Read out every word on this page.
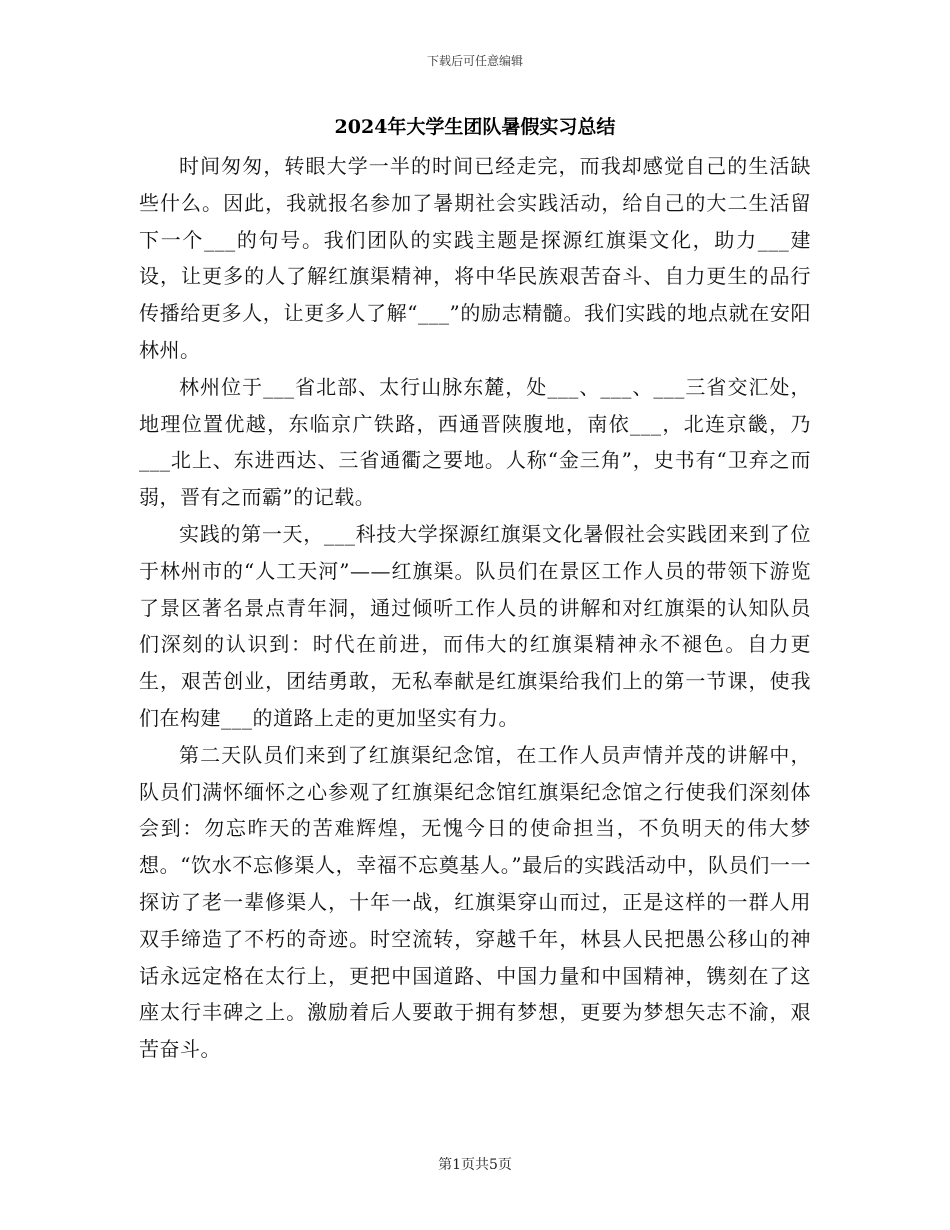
下载后可任意编辑
2024年大学生团队暑假实习总结

时间匆匆，转眼大学一半的时间已经走完，而我却感觉自己的生活缺些什么。因此，我就报名参加了暑期社会实践活动，给自己的大二生活留下一个___的句号。我们团队的实践主题是探源红旗渠文化，助力___建设，让更多的人了解红旗渠精神，将中华民族艰苦奋斗、自力更生的品行传播给更多人，让更多人了解“___”的励志精髓。我们实践的地点就在安阳林州。

林州位于___省北部、太行山脉东麓，处___、___、___三省交汇处，地理位置优越，东临京广铁路，西通晋陕腹地，南依___，北连京畿，乃___北上、东进西达、三省通衢之要地。人称“金三角”，史书有“卫弃之而弱，晋有之而霸”的记载。

实践的第一天，___科技大学探源红旗渠文化暑假社会实践团来到了位于林州市的“人工天河”——红旗渠。队员们在景区工作人员的带领下游览了景区著名景点青年洞，通过倾听工作人员的讲解和对红旗渠的认知队员们深刻的认识到：时代在前进，而伟大的红旗渠精神永不褪色。自力更生，艰苦创业，团结勇敢，无私奉献是红旗渠给我们上的第一节课，使我们在构建___的道路上走的更加坚实有力。

第二天队员们来到了红旗渠纪念馆，在工作人员声情并茂的讲解中，队员们满怀缅怀之心参观了红旗渠纪念馆红旗渠纪念馆之行使我们深刻体会到：勿忘昨天的苦难辉煌，无愧今日的使命担当，不负明天的伟大梦想。“饮水不忘修渠人，幸福不忘奠基人。”最后的实践活动中，队员们一一探访了老一辈修渠人，十年一战，红旗渠穿山而过，正是这样的一群人用双手缔造了不朽的奇迹。时空流转，穿越千年，林县人民把愚公移山的神话永远定格在太行上，更把中国道路、中国力量和中国精神，镌刻在了这座太行丰碑之上。激励着后人要敢于拥有梦想，更要为梦想矢志不渝，艰苦奋斗。

第1页共5页
